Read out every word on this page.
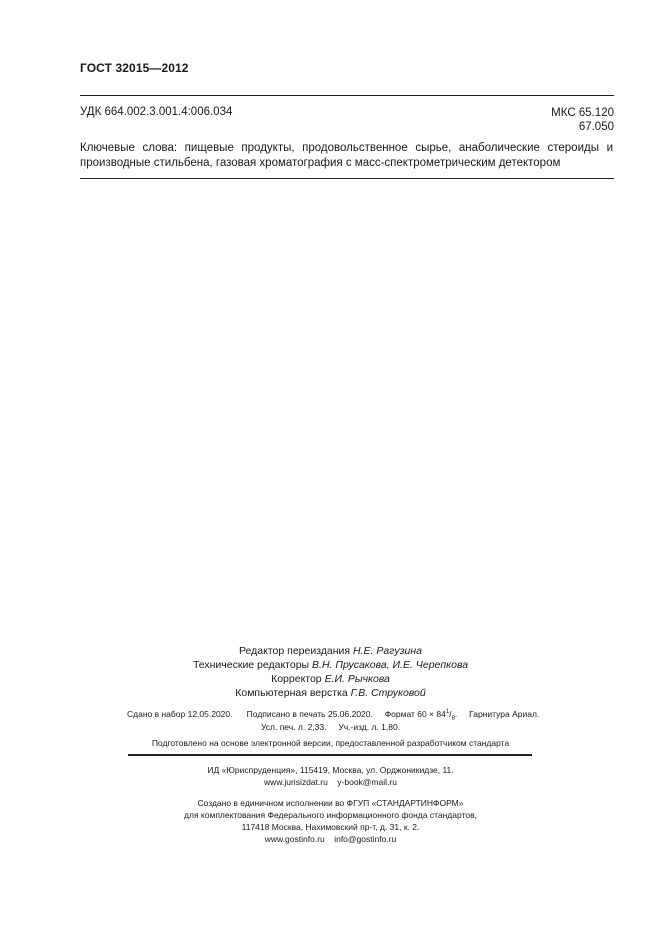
ГОСТ 32015—2012
УДК 664.002.3.001.4:006.034	МКС 65.120
67.050
Ключевые слова: пищевые продукты, продовольственное сырье, анаболические стероиды и производные стильбена, газовая хроматография с масс-спектрометрическим детектором
Редактор переиздания Н.Е. Рагузина
Технические редакторы В.Н. Прусакова, И.Е. Черепкова
Корректор Е.И. Рычкова
Компьютерная верстка Г.В. Струковой
Сдано в набор 12.05.2020. Подписано в печать 25.06.2020. Формат $60 \times 84^1/_8$. Гарнитура Ариал.
Усл. печ. л. 2,33. Уч.-изд. л. 1,80.
Подготовлено на основе электронной версии, предоставленной разработчиком стандарта
ИД «Юриспруденция», 115419, Москва, ул. Орджоникидзе, 11.
www.jurisizdat.ru y-book@mail.ru
Создано в единичном исполнении во ФГУП «СТАНДАРТИНФОРМ»
для комплектования Федерального информационного фонда стандартов,
117418 Москва, Нахимовский пр-т, д. 31, к. 2.
www.gostinfo.ru info@gostinfo.ru
